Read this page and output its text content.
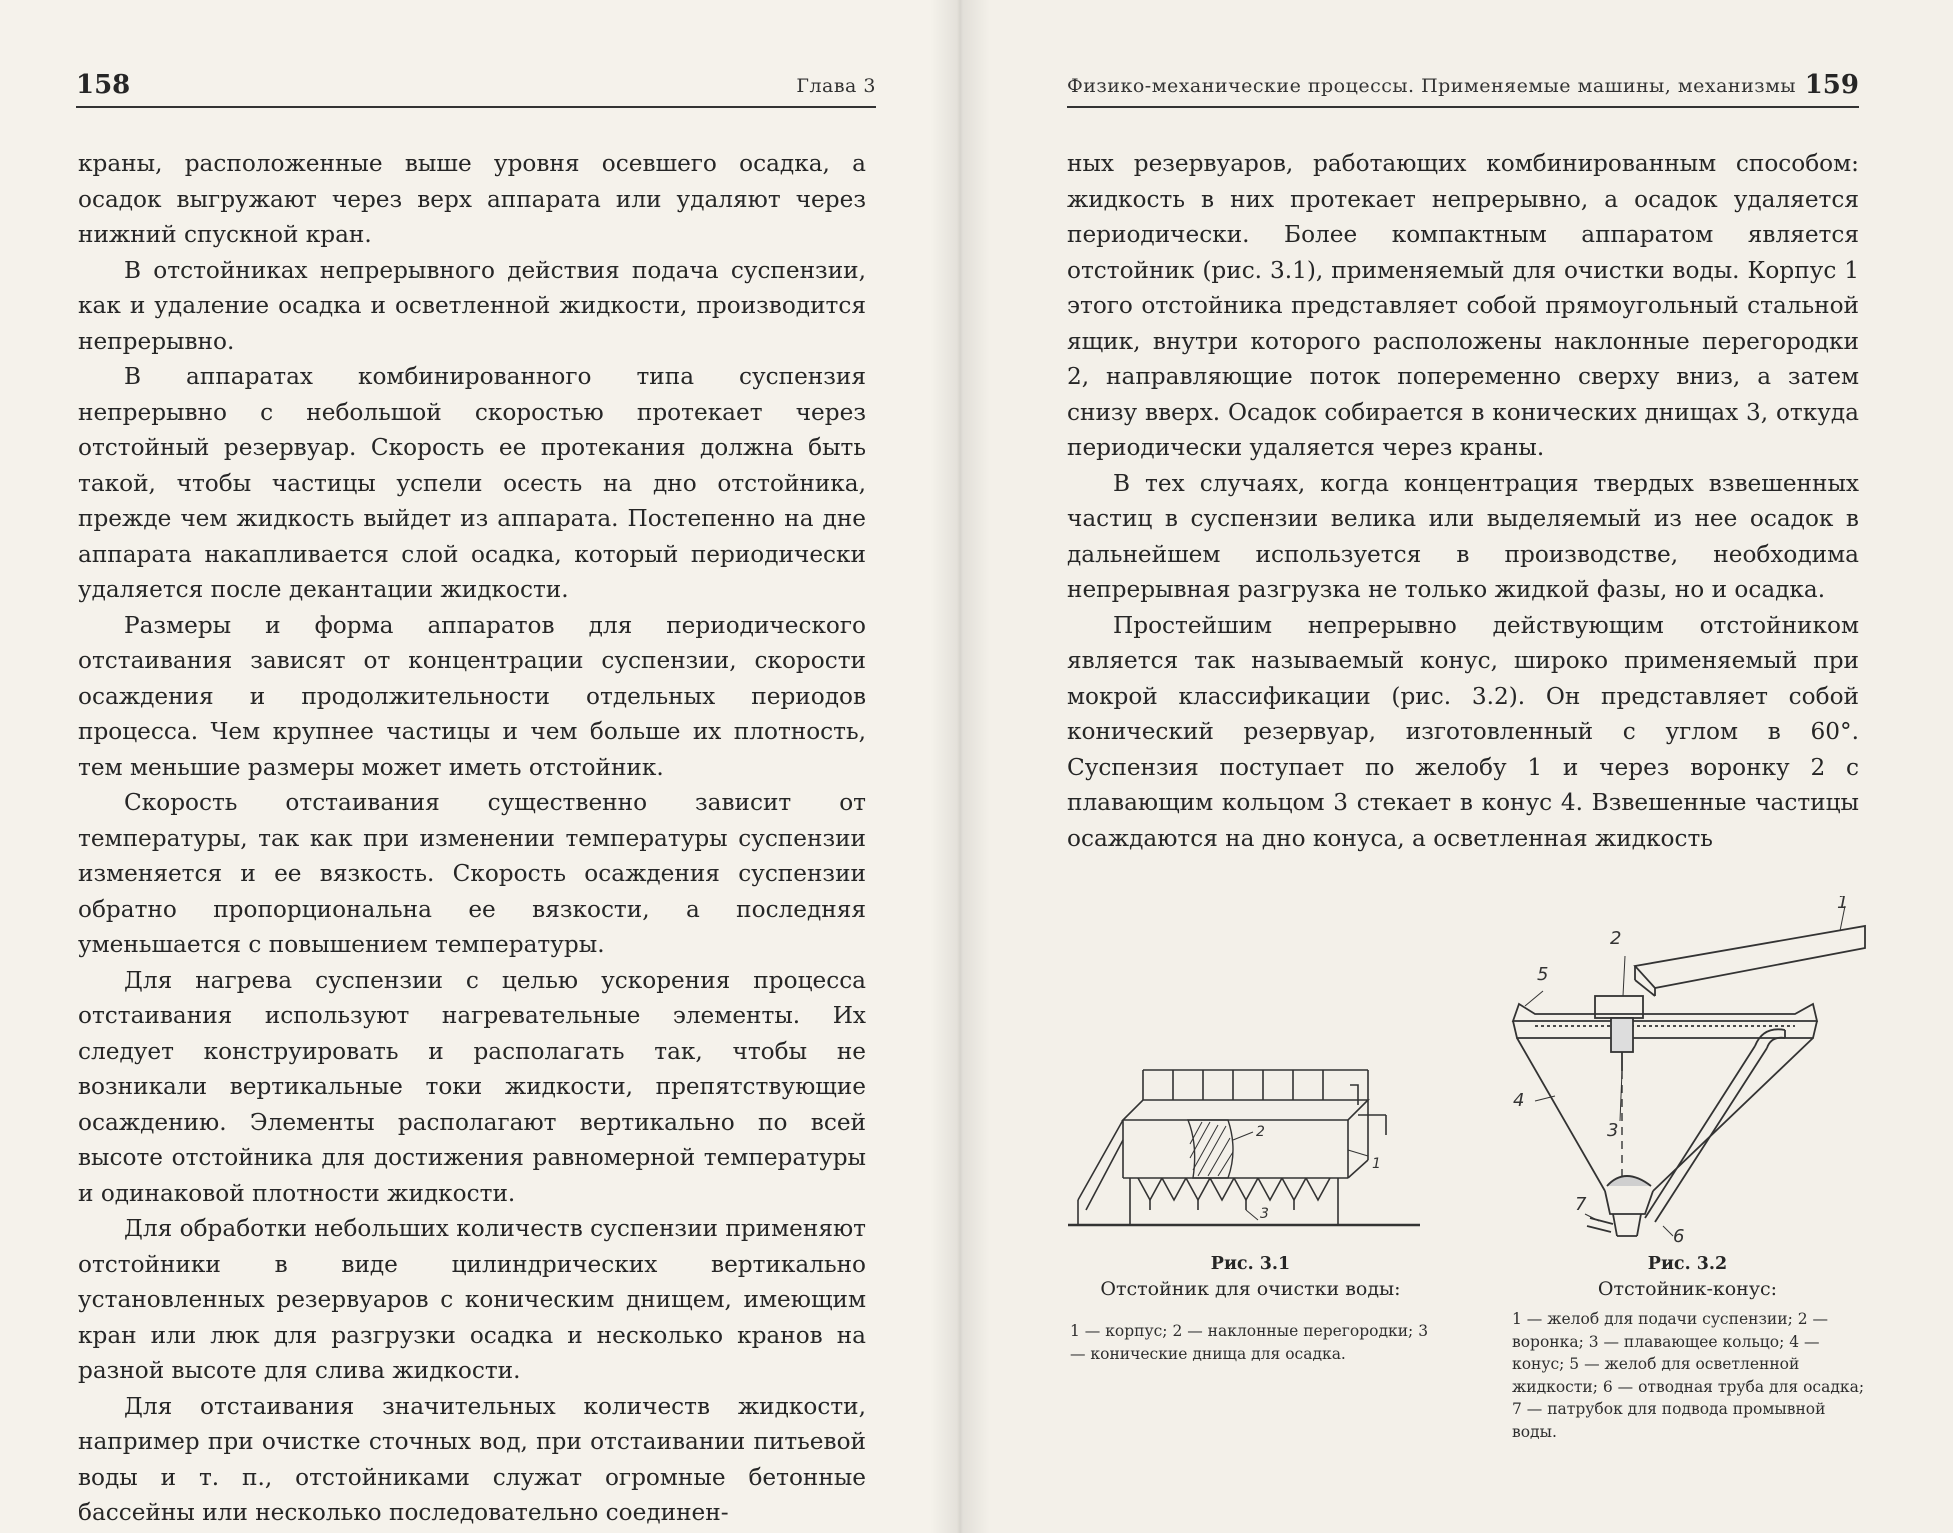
158	Глава 3	Физико-механические процессы. Применяемые машины, механизмы 159

краны, расположенные выше уровня осевшего осадка, а осадок выгружают через верх аппарата или удаляют через нижний спускной кран.

В отстойниках непрерывного действия подача суспензии, как и удаление осадка и осветленной жидкости, производится непрерывно.

В аппаратах комбинированного типа суспензия непрерывно с небольшой скоростью протекает через отстойный резервуар. Скорость ее протекания должна быть такой, чтобы частицы успели осесть на дно отстойника, прежде чем жидкость выйдет из аппарата. Постепенно на дне аппарата накапливается слой осадка, который периодически удаляется после декантации жидкости.

Размеры и форма аппаратов для периодического отстаивания зависят от концентрации суспензии, скорости осаждения и продолжительности отдельных периодов процесса. Чем крупнее частицы и чем больше их плотность, тем меньшие размеры может иметь отстойник.

Скорость отстаивания существенно зависит от температуры, так как при изменении температуры суспензии изменяется и ее вязкость. Скорость осаждения суспензии обратно пропорциональна ее вязкости, а последняя уменьшается с повышением температуры.

Для нагрева суспензии с целью ускорения процесса отстаивания используют нагревательные элементы. Их следует конструировать и располагать так, чтобы не возникали вертикальные токи жидкости, препятствующие осаждению. Элементы располагают вертикально по всей высоте отстойника для достижения равномерной температуры и одинаковой плотности жидкости.

Для обработки небольших количеств суспензии применяют отстойники в виде цилиндрических вертикально установленных резервуаров с коническим днищем, имеющим кран или люк для разгрузки осадка и несколько кранов на разной высоте для слива жидкости.

Для отстаивания значительных количеств жидкости, например при очистке сточных вод, при отстаивании питьевой воды и т. п., отстойниками служат огромные бетонные бассейны или несколько последовательно соединен-

ных резервуаров, работающих комбинированным способом: жидкость в них протекает непрерывно, а осадок удаляется периодически. Более компактным аппаратом является отстойник (рис. 3.1), применяемый для очистки воды. Корпус 1 этого отстойника представляет собой прямоугольный стальной ящик, внутри которого расположены наклонные перегородки 2, направляющие поток попеременно сверху вниз, а затем снизу вверх. Осадок собирается в конических днищах 3, откуда периодически удаляется через краны.

В тех случаях, когда концентрация твердых взвешенных частиц в суспензии велика или выделяемый из нее осадок в дальнейшем используется в производстве, необходима непрерывная разгрузка не только жидкой фазы, но и осадка.

Простейшим непрерывно действующим отстойником является так называемый конус, широко применяемый при мокрой классификации (рис. 3.2). Он представляет собой конический резервуар, изготовленный с углом в 60°. Суспензия поступает по желобу 1 и через воронку 2 с плавающим кольцом 3 стекает в конус 4. Взвешенные частицы осаждаются на дно конуса, а осветленная жидкость

2
1
3
1
2
3
4
5
6
7
Рис. 3.1
Отстойник для очистки воды:
1 — корпус; 2 — наклонные перегородки; 3 — конические днища для осадка.
Рис. 3.2
Отстойник-конус:
1 — желоб для подачи суспензии; 2 — воронка; 3 — плавающее кольцо; 4 — конус; 5 — желоб для осветленной жидкости; 6 — отводная труба для осадка; 7 — патрубок для подвода промывной воды.
